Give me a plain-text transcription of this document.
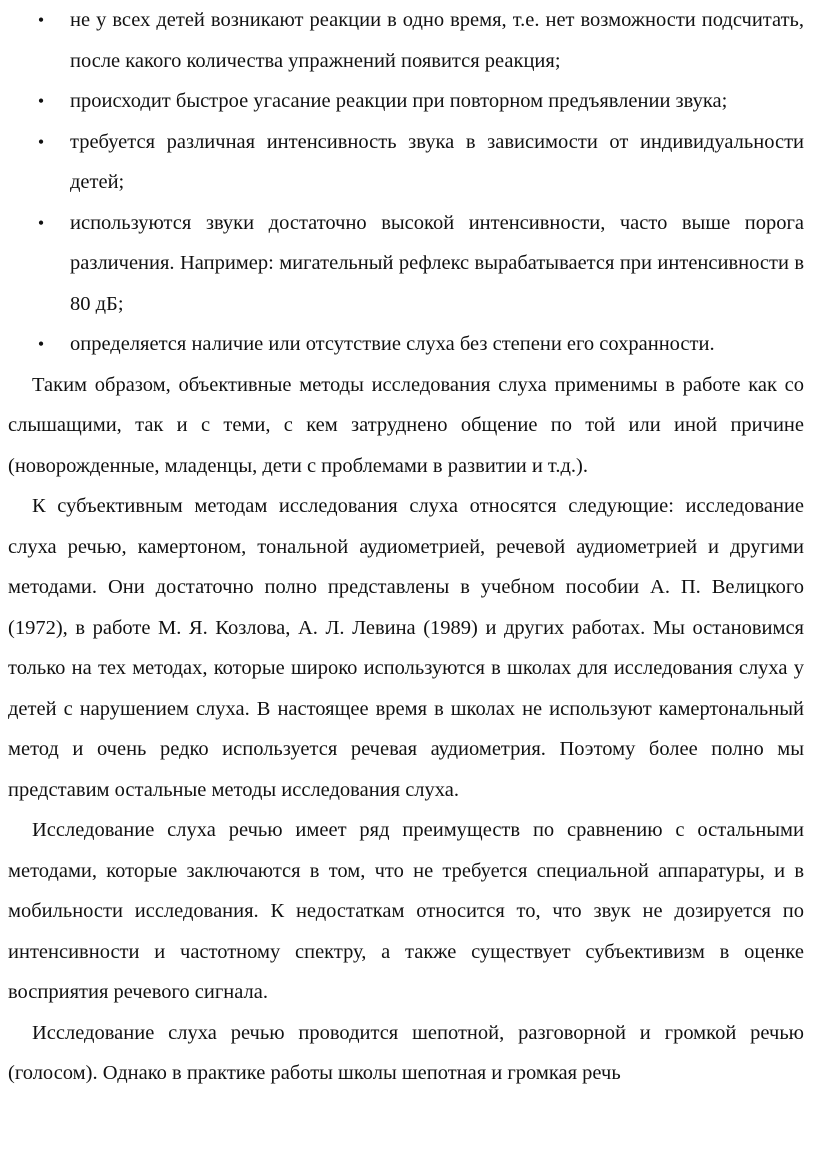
• не у всех детей возникают реакции в одно время, т.е. нет возможности подсчитать, после какого количества упражнений появится реакция;
• происходит быстрое угасание реакции при повторном предъявлении звука;
• требуется различная интенсивность звука в зависимости от индивидуальности детей;
• используются звуки достаточно высокой интенсивности, часто выше порога различения. Например: мигательный рефлекс вырабатывается при интенсивности в 80 дБ;
• определяется наличие или отсутствие слуха без степени его сохранности.

Таким образом, объективные методы исследования слуха применимы в работе как со слышащими, так и с теми, с кем затруднено общение по той или иной причине (новорожденные, младенцы, дети с проблемами в развитии и т.д.).

К субъективным методам исследования слуха относятся следующие: исследование слуха речью, камертоном, тональной аудиометрией, речевой аудиометрией и другими методами. Они достаточно полно представлены в учебном пособии А. П. Велицкого (1972), в работе М. Я. Козлова, А. Л. Левина (1989) и других работах. Мы остановимся только на тех методах, которые широко используются в школах для исследования слуха у детей с нарушением слуха. В настоящее время в школах не используют камертональный метод и очень редко используется речевая аудиометрия. Поэтому более полно мы представим остальные методы исследования слуха.

Исследование слуха речью имеет ряд преимуществ по сравнению с остальными методами, которые заключаются в том, что не требуется специальной аппаратуры, и в мобильности исследования. К недостаткам относится то, что звук не дозируется по интенсивности и частотному спектру, а также существует субъективизм в оценке восприятия речевого сигнала.

Исследование слуха речью проводится шепотной, разговорной и громкой речью (голосом). Однако в практике работы школы шепотная и громкая речь
